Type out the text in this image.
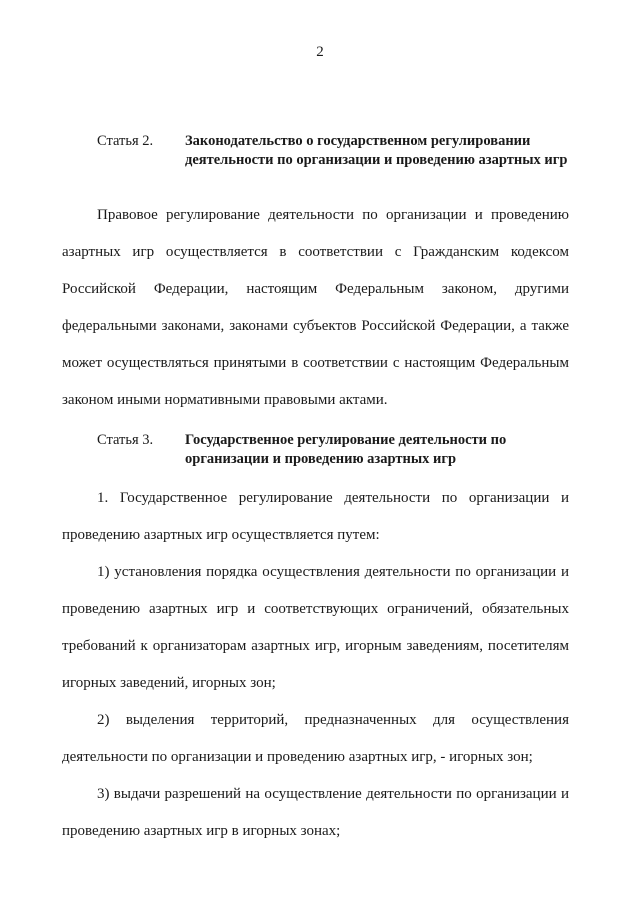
2
Статья 2.	Законодательство о государственном регулировании деятельности по организации и проведению азартных игр

Правовое регулирование деятельности по организации и проведению азартных игр осуществляется в соответствии с Гражданским кодексом Российской Федерации, настоящим Федеральным законом, другими федеральными законами, законами субъектов Российской Федерации, а также может осуществляться принятыми в соответствии с настоящим Федеральным законом иными нормативными правовыми актами.

Статья 3.	Государственное регулирование деятельности по организации и проведению азартных игр

1. Государственное регулирование деятельности по организации и проведению азартных игр осуществляется путем:

1) установления порядка осуществления деятельности по организации и проведению азартных игр и соответствующих ограничений, обязательных требований к организаторам азартных игр, игорным заведениям, посетителям игорных заведений, игорных зон;

2) выделения территорий, предназначенных для осуществления деятельности по организации и проведению азартных игр, - игорных зон;

3) выдачи разрешений на осуществление деятельности по организации и проведению азартных игр в игорных зонах;
